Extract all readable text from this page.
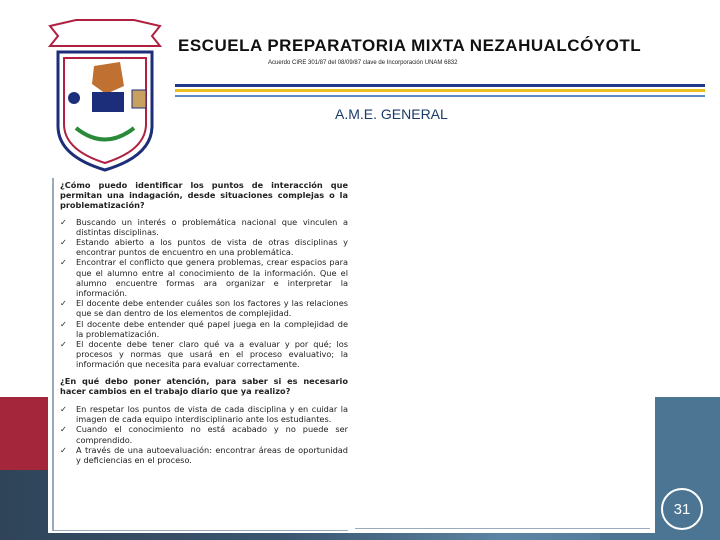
ESCUELA PREPARATORIA MIXTA NEZAHUALCÓYOTL
Acuerdo CIRE 301/87 del 08/09/87 clave de Incorporación UNAM 6832
A.M.E. GENERAL
¿Cómo puedo identificar los puntos de interacción que permitan una indagación, desde situaciones complejas o la problematización?
✓ Buscando un interés o problemática nacional que vinculen a distintas disciplinas.
✓ Estando abierto a los puntos de vista de otras disciplinas y encontrar puntos de encuentro en una problemática.
✓ Encontrar el conflicto que genera problemas, crear espacios para que el alumno entre al conocimiento de la información. Que el alumno encuentre formas ara organizar e interpretar la información.
✓ El docente debe entender cuáles son los factores y las relaciones que se dan dentro de los elementos de complejidad.
✓ El docente debe entender qué papel juega en la complejidad de la problematización.
✓ El docente debe tener claro qué va a evaluar y por qué; los procesos y normas que usará en el proceso evaluativo; la información que necesita para evaluar correctamente.
¿En qué debo poner atención, para saber si es necesario hacer cambios en el trabajo diario que ya realizo?
✓ En respetar los puntos de vista de cada disciplina y en cuidar la imagen de cada equipo interdisciplinario ante los estudiantes.
✓ Cuando el conocimiento no está acabado y no puede ser comprendido.
✓ A través de una autoevaluación: encontrar áreas de oportunidad y deficiencias en el proceso.
31
